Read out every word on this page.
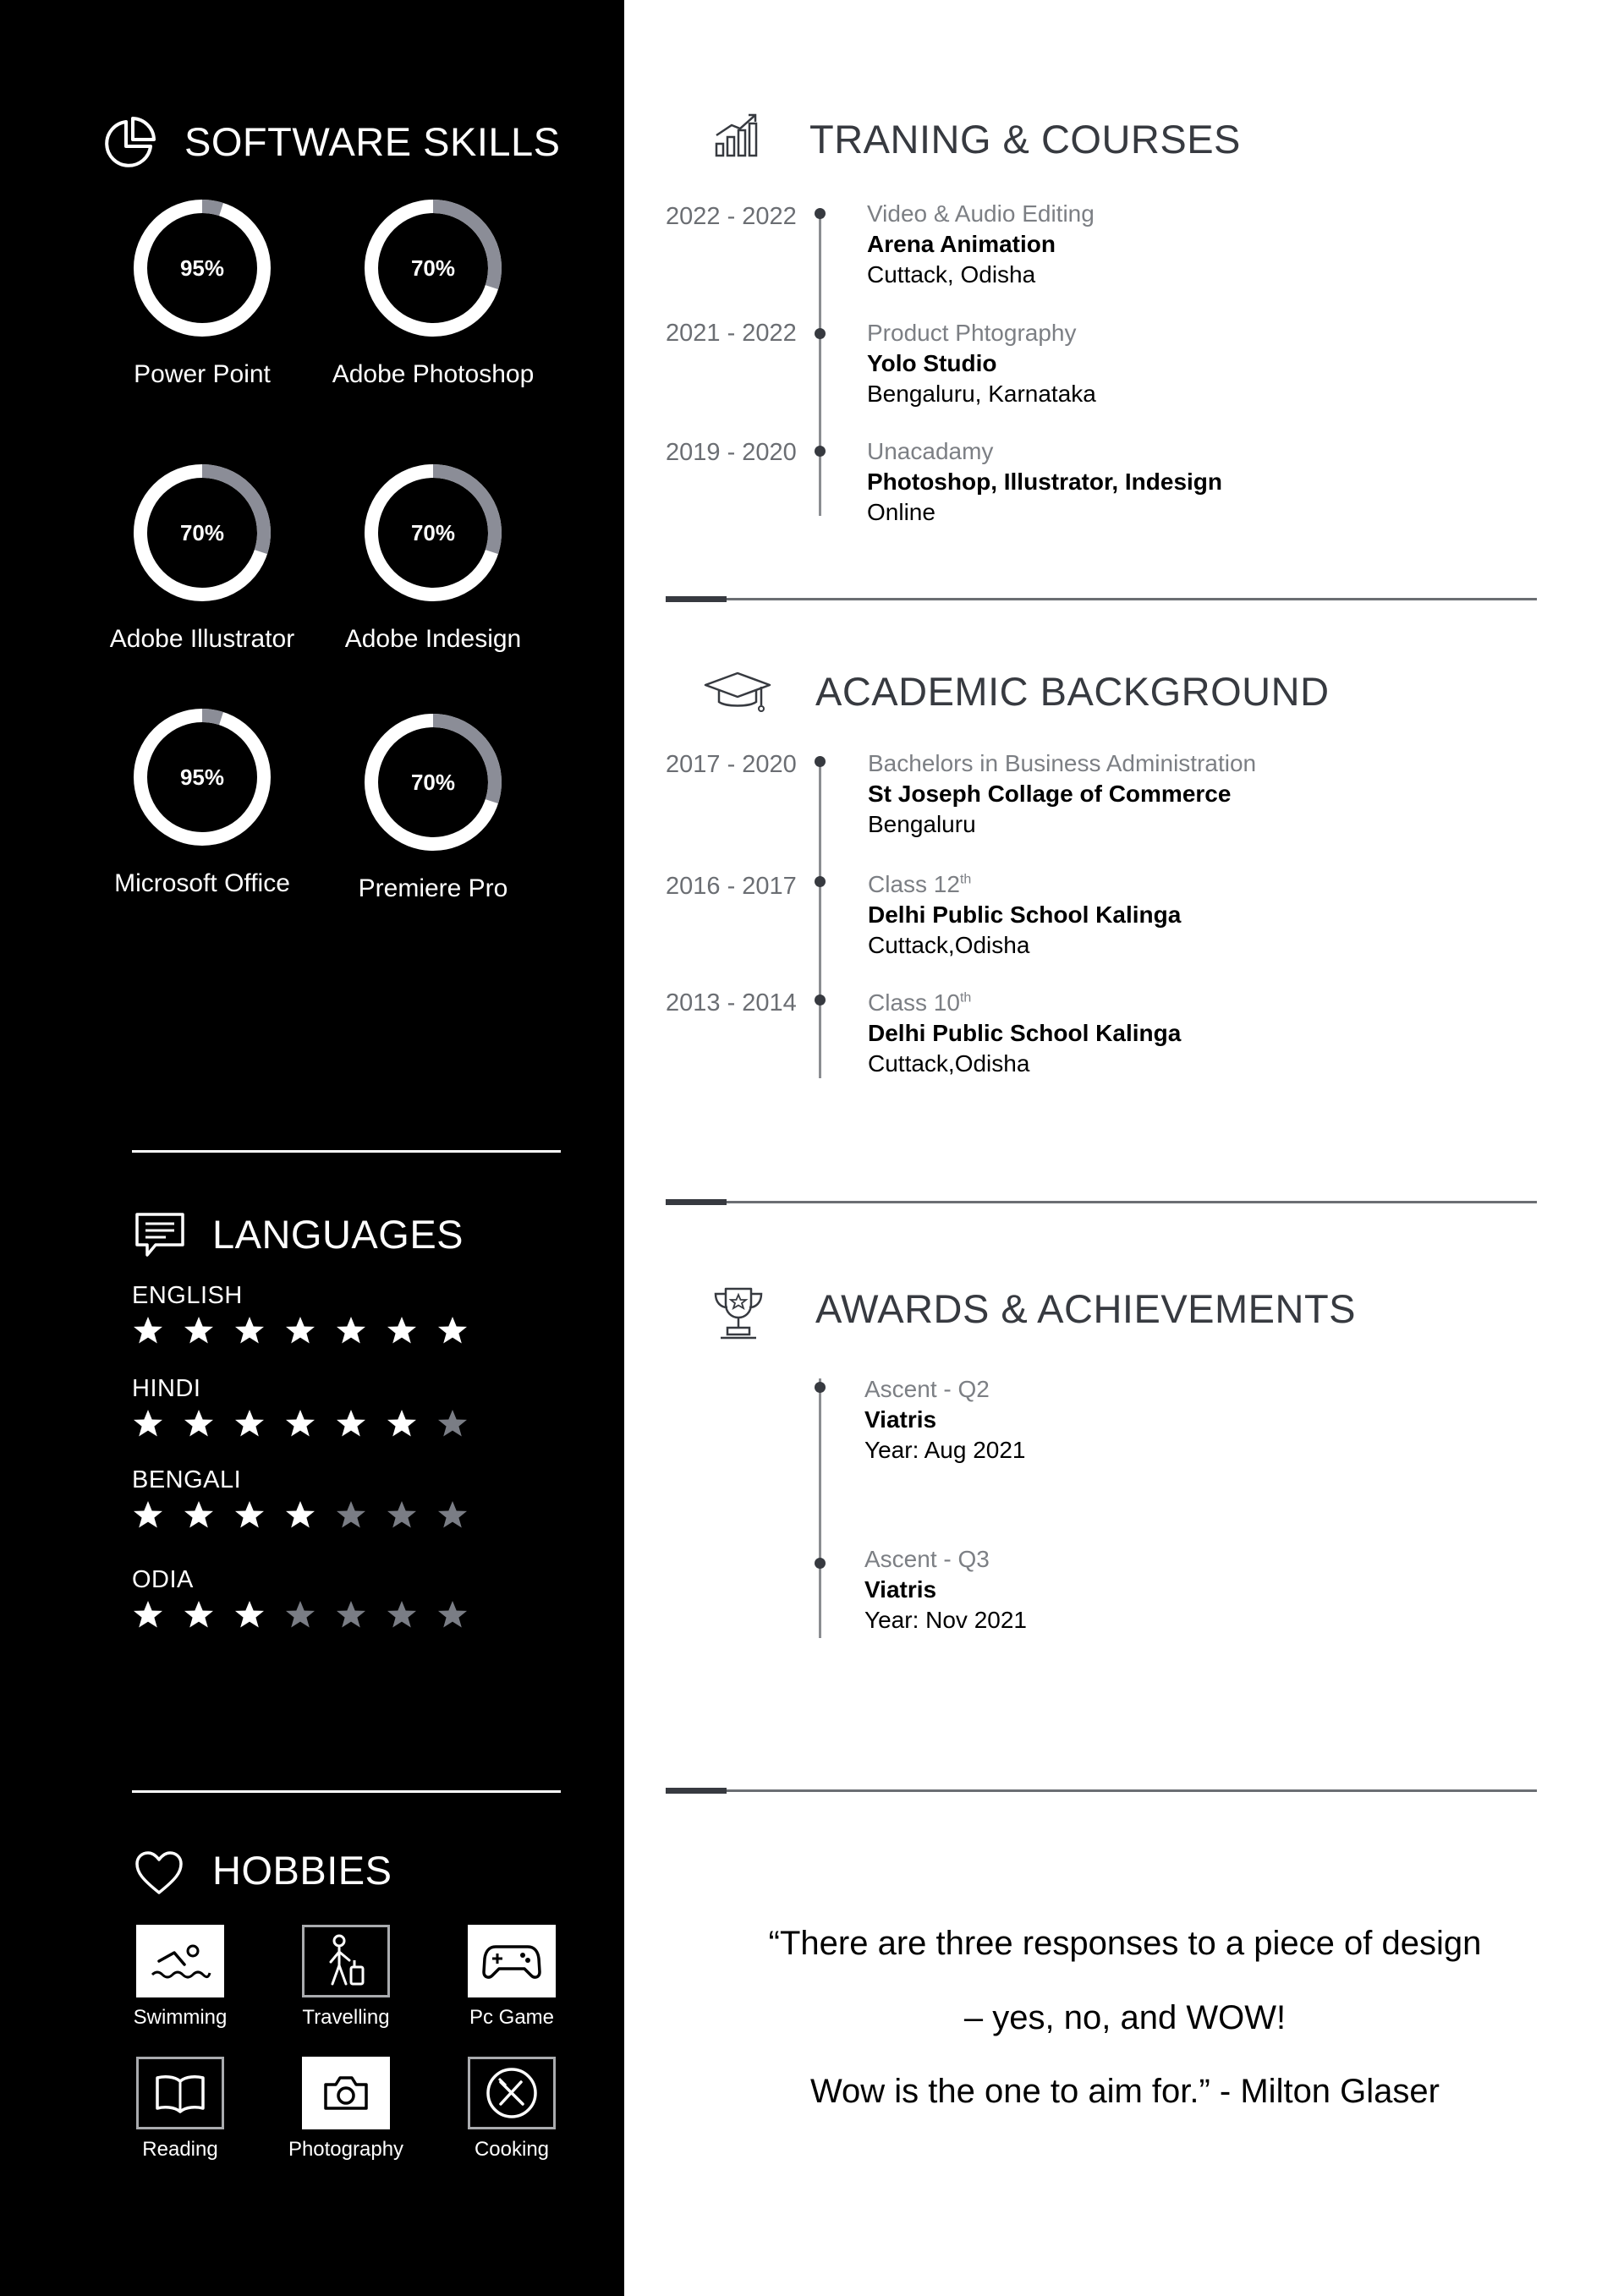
SOFTWARE SKILLS
95%
Power Point
70%
Adobe Photoshop
70%
Adobe Illustrator
70%
Adobe Indesign
95%
Microsoft Office
70%
Premiere Pro
LANGUAGES
ENGLISH
HINDI
BENGALI
ODIA
HOBBIES
Swimming	Travelling	Pc Game
Reading	Photography	Cooking
TRANING & COURSES
2022 - 2022	Video & Audio Editing
Arena Animation
Cuttack, Odisha
2021 - 2022	Product Phtography
Yolo Studio
Bengaluru, Karnataka
2019 - 2020	Unacadamy
Photoshop, Illustrator, Indesign
Online
ACADEMIC BACKGROUND
2017 - 2020	Bachelors in Business Administration
St Joseph Collage of Commerce
Bengaluru
2016 - 2017	Class 12th
Delhi Public School Kalinga
Cuttack,Odisha
2013 - 2014	Class 10th
Delhi Public School Kalinga
Cuttack,Odisha
AWARDS & ACHIEVEMENTS
Ascent - Q2
Viatris
Year: Aug 2021
Ascent - Q3
Viatris
Year: Nov 2021
“There are three responses to a piece of design
– yes, no, and WOW!
Wow is the one to aim for.” - Milton Glaser
